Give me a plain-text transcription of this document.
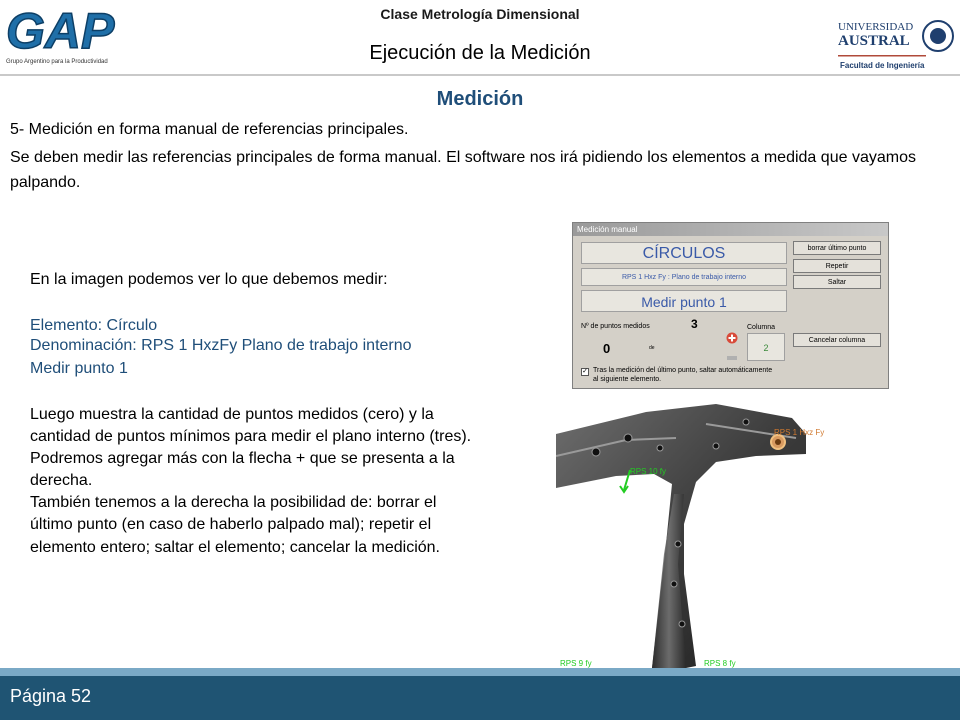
GAP
Grupo Argentino para la Productividad
Clase Metrología Dimensional
Ejecución de la Medición
UNIVERSIDAD
AUSTRAL
Facultad de Ingeniería
Medición
5- Medición en forma manual de referencias principales.
Se deben medir las referencias principales de forma manual. El software nos irá pidiendo los elementos a medida que vayamos palpando.
En la imagen podemos ver lo que debemos medir:
Elemento: Círculo
Denominación: RPS 1 HxzFy Plano de trabajo interno
Medir punto 1
Luego muestra la cantidad de puntos medidos (cero) y la
cantidad de puntos mínimos para medir el plano interno (tres).
Podremos agregar más con la flecha + que se presenta a la
derecha.
También tenemos a la derecha la posibilidad de: borrar el
último punto (en caso de haberlo palpado mal); repetir el
elemento entero; saltar el elemento; cancelar la medición.
Medición manual
CÍRCULOS
RPS 1 Hxz Fy : Plano de trabajo interno
Medir punto 1
Nº de puntos medidos	3
0	de
Columna
2
borrar último punto
Repetir
Saltar
Cancelar columna
✓ Tras la medición del último punto, saltar automáticamente
al siguiente elemento.
RPS 1 Hxz Fy
RPS 10 fy
RPS 8 fy
RPS 9 fy
Página 52
